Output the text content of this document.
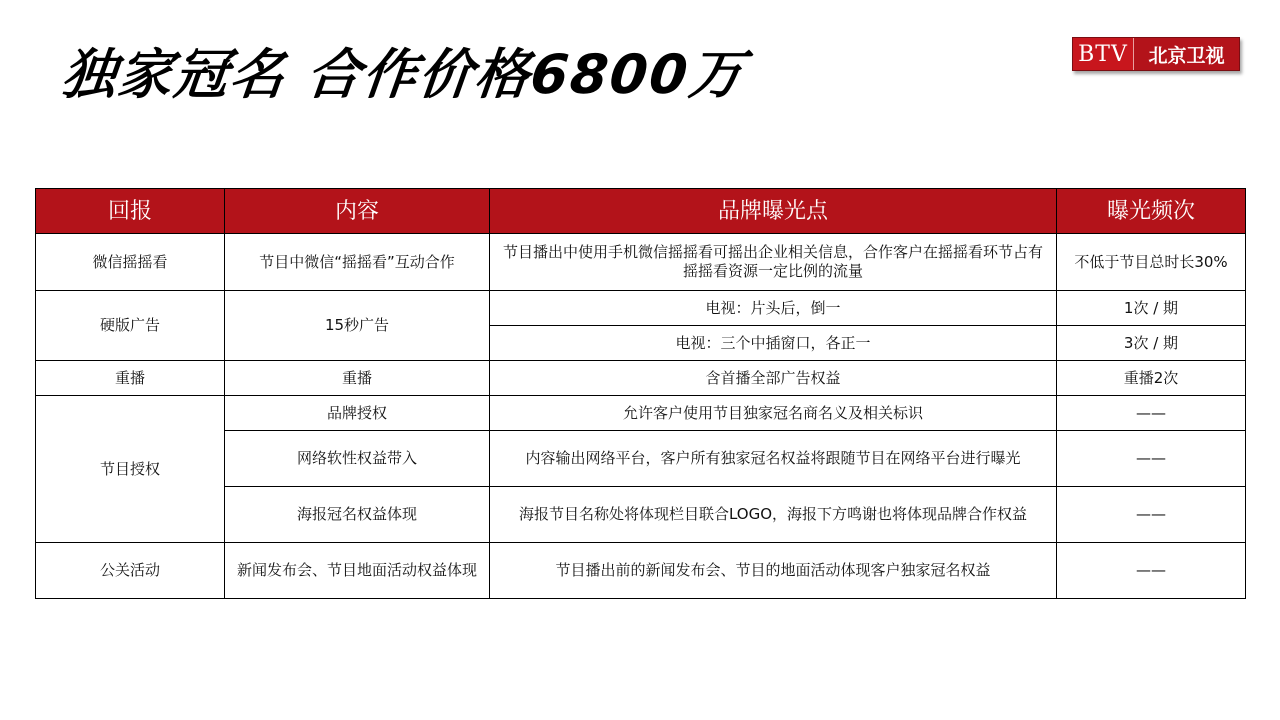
独家冠名 合作价格6800万	BTV	北京卫视
回报	内容	品牌曝光点	曝光频次
微信摇摇看	节目中微信“摇摇看”互动合作	节目播出中使用手机微信摇摇看可摇出企业相关信息，合作客户在摇摇看环节占有摇摇看资源一定比例的流量	不低于节目总时长30%
硬版广告	15秒广告	电视：片头后，倒一	1次 / 期
		电视：三个中插窗口，各正一	3次 / 期
重播	重播	含首播全部广告权益	重播2次
节目授权	品牌授权	允许客户使用节目独家冠名商名义及相关标识	——
	网络软性权益带入	内容输出网络平台，客户所有独家冠名权益将跟随节目在网络平台进行曝光	——
	海报冠名权益体现	海报节目名称处将体现栏目联合LOGO，海报下方鸣谢也将体现品牌合作权益	——
公关活动	新闻发布会、节目地面活动权益体现	节目播出前的新闻发布会、节目的地面活动体现客户独家冠名权益	——
